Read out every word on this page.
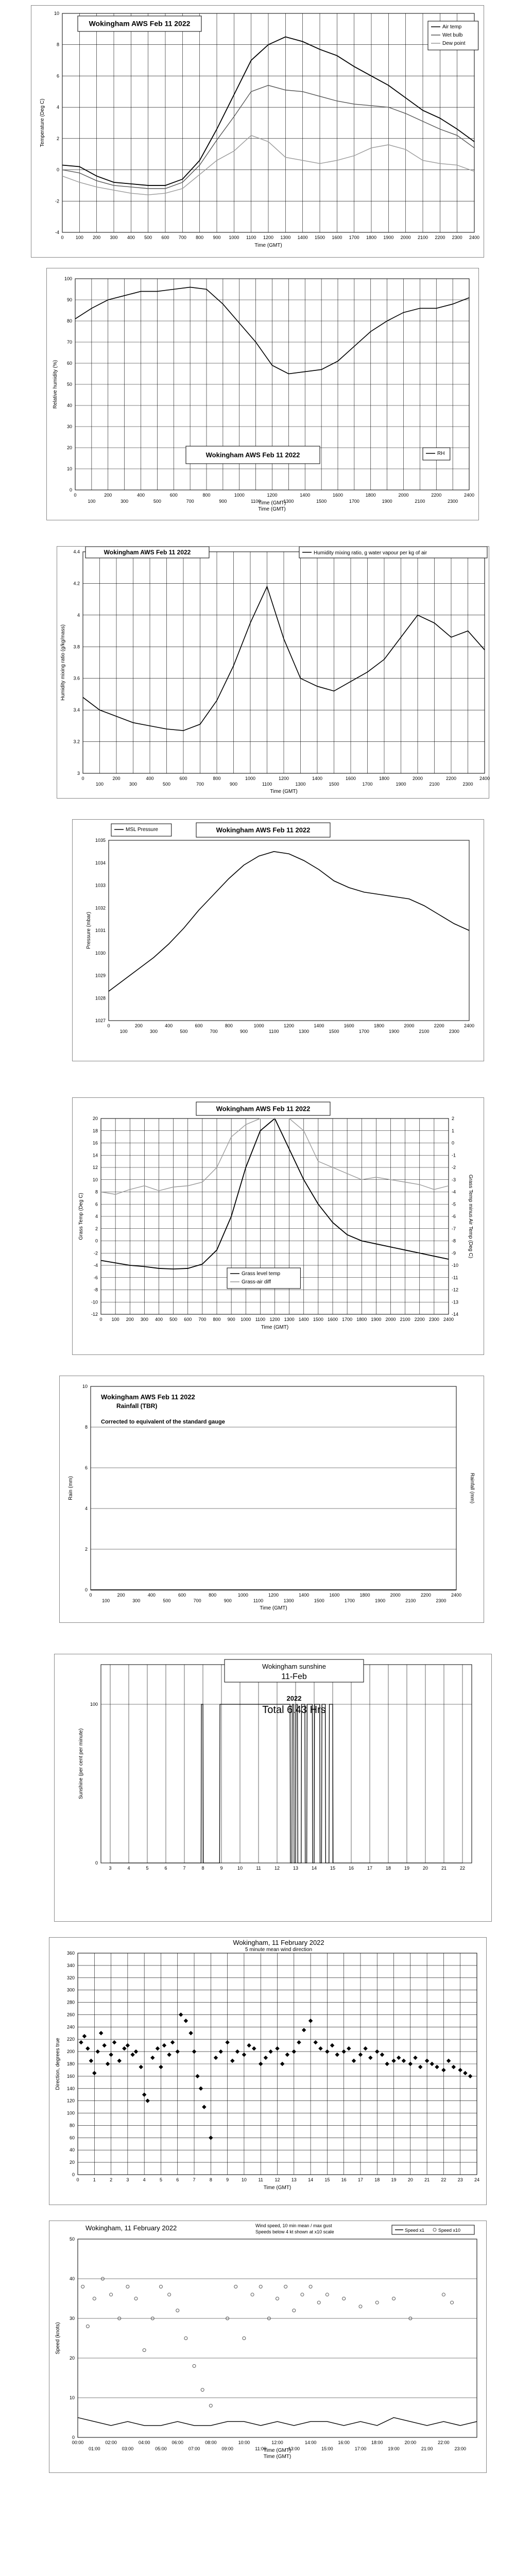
-4
-2
0
2
4
6
8
10
0	100 200 300 400 500 600 700 800 900 1000 1100 1200 1300 1400 1500 1600 1700 1800 1900 2000 2100 2200 2300 2400
Time (GMT)
Temperature (Deg C)
Wokingham AWS Feb 11 2022	Air temp
Wet bulb
Dew point
0
10
20
30
40
50
60
70
80
90
100
Time (GMT)
Relative humidity (%)
0	200	400	600	800	1000	1200	1400	1600	1800	2000	2200	2400
100	300	500	700	900	1100	1300	1500	1700	1900	2100	2300
Time (GMT)
Wokingham AWS Feb 11 2022	RH
3
3.2
3.4
3.6
3.8
4
4.2
4.4
0
100
200
300
400
500
600
700
800
900
1000
1100
1200
1300
1400
1500
1600
1700
1800
1900
2000
2100
2200
2300
2400
Time (GMT)
Humidity mixing ratio (g/kg/mass)
Wokingham AWS Feb 11 2022	Humidity mixing ratio, g water vapour per kg of air
1027
1028
1029
1030
1031
1032
1033
1034
1035
0
100
200
300
400
500
600
700
800
900
1000
1100
1200
1300
1400
1500
1600
1700
1800
1900
2000
2100
2200
2300
2400
Pressure (mbar)
MSL Pressure	Wokingham AWS Feb 11 2022
-12
-10
-8
-6
-4
-2
0
2
4
6
8
10
12
14
16
18
20
0 100 200 300 400 500 600 700 800 900 1000 1100 1200 1300 1400 1500 1600 1700 1800 1900 2000 2100 2200 2300 2400
Time (GMT)
Grass Temp (Deg C)
-14
-13
-12
-11
-10
-9
-8
-7
-6
-5
-4
-3
-2
-1
0
1
2
Grass Temp minus Air Temp (Deg C)
Wokingham AWS Feb 11 2022
Grass level temp
Grass-air diff
0
2
4
6
8
10
0
100
200
300
400
500
600
700
800
900
1000
1100
1200
1300
1400
1500
1600
1700
1800
1900
2000
2100
2200
2300
2400
Time (GMT)
Rain (mm)	Rainfall (mm)
Wokingham AWS Feb 11 2022
Rainfall (TBR)
Corrected to equivalent of the standard gauge
0
100
3	4	5	6	7	8	9	10	11	12	13	14	15	16	17	18	19	20	21	22
Sunshine (per cent per minute)
Wokingham sunshine
11-Feb
2022
Total 6.43 Hrs
0
20
40
60
80
100
120
140
160
180
200
220
240
260
280
300
320
340
360
0	1	2	3	4	5	6	7	8	9	10	11	12 13 14 15 16 17 18 19 20 21 22 23 24
Time (GMT)
Direction, degrees true
Wokingham, 11 February 2022
5 minute mean wind direction
0
10
20
30
40
50
Time (GMT)
Speed (knots)
00:00	02:00	04:00	06:00	08:00	10:00	12:00	14:00	16:00	18:00	20:00	22:00
01:00	03:00	05:00	07:00	09:00	11:00	13:00	15:00	17:00	19:00	21:00	23:00
Time (GMT)
Wokingham, 11 February 2022	Wind speed, 10 min mean / max gust
Speeds below 4 kt shown at x10 scale	Speed x1	Speed x10
